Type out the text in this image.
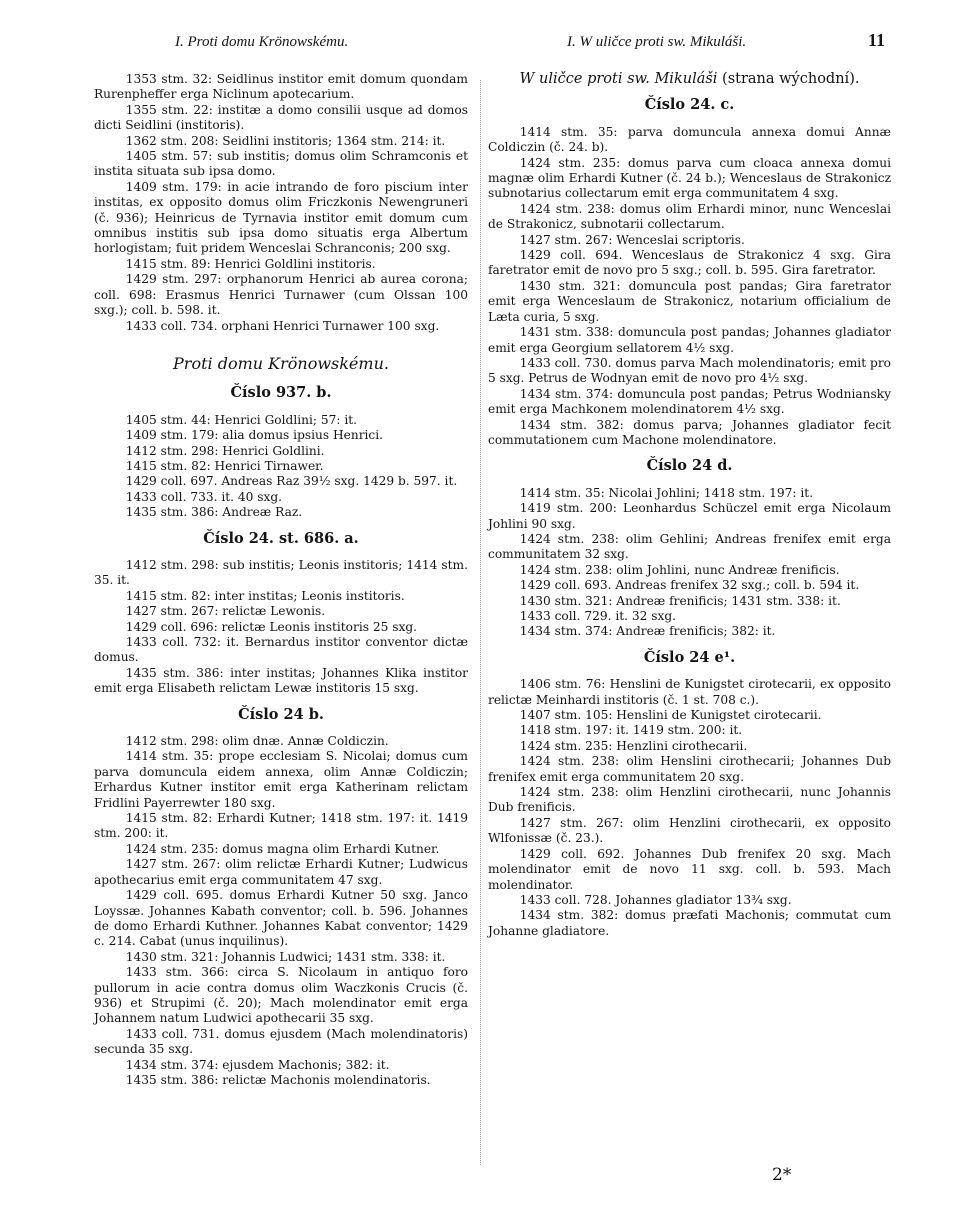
I. Proti domu Krönowskému.	I. W uličce proti sw. Mikuláši.	11

1353 stm. 32: Seidlinus institor emit domum quondam Rurenpheffer erga Niclinum apotecarium.

1355 stm. 22: institæ a domo consilii usque ad domos dicti Seidlini (institoris).

1362 stm. 208: Seidlini institoris; 1364 stm. 214: it.

1405 stm. 57: sub institis; domus olim Schramconis et instita situata sub ipsa domo.

1409 stm. 179: in acie intrando de foro piscium inter institas, ex opposito domus olim Friczkonis Newengruneri (č. 936); Heinricus de Tyrnavia institor emit domum cum omnibus institis sub ipsa domo situatis erga Albertum horlogistam; fuit pridem Wenceslai Schranconis; 200 sxg.

1415 stm. 89: Henrici Goldlini institoris.

1429 stm. 297: orphanorum Henrici ab aurea corona; coll. 698: Erasmus Henrici Turnawer (cum Olssan 100 sxg.); coll. b. 598. it.

1433 coll. 734. orphani Henrici Turnawer 100 sxg.

Proti domu Krönowskému.
Číslo 937. b.

1405 stm. 44: Henrici Goldlini; 57: it.

1409 stm. 179: alia domus ipsius Henrici.

1412 stm. 298: Henrici Goldlini.

1415 stm. 82: Henrici Tirnawer.

1429 coll. 697. Andreas Raz 39½ sxg. 1429 b. 597. it.

1433 coll. 733. it. 40 sxg.

1435 stm. 386: Andreæ Raz.

Číslo 24. st. 686. a.

1412 stm. 298: sub institis; Leonis institoris; 1414 stm. 35. it.

1415 stm. 82: inter institas; Leonis institoris.

1427 stm. 267: relictæ Lewonis.

1429 coll. 696: relictæ Leonis institoris 25 sxg.

1433 coll. 732: it. Bernardus institor conventor dictæ domus.

1435 stm. 386: inter institas; Johannes Klika institor emit erga Elisabeth relictam Lewæ institoris 15 sxg.

Číslo 24 b.

1412 stm. 298: olim dnæ. Annæ Coldiczin.

1414 stm. 35: prope ecclesiam S. Nicolai; domus cum parva domuncula eidem annexa, olim Annæ Coldiczin; Erhardus Kutner institor emit erga Katherinam relictam Fridlini Payerrewter 180 sxg.

1415 stm. 82: Erhardi Kutner; 1418 stm. 197: it. 1419 stm. 200: it.

1424 stm. 235: domus magna olim Erhardi Kutner.

1427 stm. 267: olim relictæ Erhardi Kutner; Ludwicus apothecarius emit erga communitatem 47 sxg.

1429 coll. 695. domus Erhardi Kutner 50 sxg. Janco Loyssæ. Johannes Kabath conventor; coll. b. 596. Johannes de domo Erhardi Kuthner. Johannes Kabat conventor; 1429 c. 214. Cabat (unus inquilinus).

1430 stm. 321: Johannis Ludwici; 1431 stm. 338: it.

1433 stm. 366: circa S. Nicolaum in antiquo foro pullorum in acie contra domus olim Waczkonis Crucis (č. 936) et Strupimi (č. 20); Mach molendinator emit erga Johannem natum Ludwici apothecarii 35 sxg.

1433 coll. 731. domus ejusdem (Mach molendinatoris) secunda 35 sxg.

1434 stm. 374: ejusdem Machonis; 382: it.

1435 stm. 386: relictæ Machonis molendinatoris.

W uličce proti sw. Mikuláši (strana wýchodní).
Číslo 24. c.

1414 stm. 35: parva domuncula annexa domui Annæ Coldiczin (č. 24. b).

1424 stm. 235: domus parva cum cloaca annexa domui magnæ olim Erhardi Kutner (č. 24 b.); Wenceslaus de Strakonicz subnotarius collectarum emit erga communitatem 4 sxg.

1424 stm. 238: domus olim Erhardi minor, nunc Wenceslai de Strakonicz, subnotarii collectarum.

1427 stm. 267: Wenceslai scriptoris.

1429 coll. 694. Wenceslaus de Strakonicz 4 sxg. Gira faretrator emit de novo pro 5 sxg.; coll. b. 595. Gira faretrator.

1430 stm. 321: domuncula post pandas; Gira faretrator emit erga Wenceslaum de Strakonicz, notarium officialium de Læta curia, 5 sxg.

1431 stm. 338: domuncula post pandas; Johannes gladiator emit erga Georgium sellatorem 4½ sxg.

1433 coll. 730. domus parva Mach molendinatoris; emit pro 5 sxg. Petrus de Wodnyan emit de novo pro 4½ sxg.

1434 stm. 374: domuncula post pandas; Petrus Wodniansky emit erga Machkonem molendinatorem 4½ sxg.

1434 stm. 382: domus parva; Johannes gladiator fecit commutationem cum Machone molendinatore.

Číslo 24 d.

1414 stm. 35: Nicolai Johlini; 1418 stm. 197: it.

1419 stm. 200: Leonhardus Schüczel emit erga Nicolaum Johlini 90 sxg.

1424 stm. 238: olim Gehlini; Andreas frenifex emit erga communitatem 32 sxg.

1424 stm. 238: olim Johlini, nunc Andreæ frenificis.

1429 coll. 693. Andreas frenifex 32 sxg.; coll. b. 594 it.

1430 stm. 321: Andreæ frenificis; 1431 stm. 338: it.

1433 coll. 729. it. 32 sxg.

1434 stm. 374: Andreæ frenificis; 382: it.

Číslo 24 e¹.

1406 stm. 76: Henslini de Kunigstet cirotecarii, ex opposito relictæ Meinhardi institoris (č. 1 st. 708 c.).

1407 stm. 105: Henslini de Kunigstet cirotecarii.

1418 stm. 197: it. 1419 stm. 200: it.

1424 stm. 235: Henzlini cirothecarii.

1424 stm. 238: olim Henslini cirothecarii; Johannes Dub frenifex emit erga communitatem 20 sxg.

1424 stm. 238: olim Henzlini cirothecarii, nunc Johannis Dub frenificis.

1427 stm. 267: olim Henzlini cirothecarii, ex opposito Wlfonissæ (č. 23.).

1429 coll. 692. Johannes Dub frenifex 20 sxg. Mach molendinator emit de novo 11 sxg. coll. b. 593. Mach molendinator.

1433 coll. 728. Johannes gladiator 13¾ sxg.

1434 stm. 382: domus præfati Machonis; commutat cum Johanne gladiatore.

2*
